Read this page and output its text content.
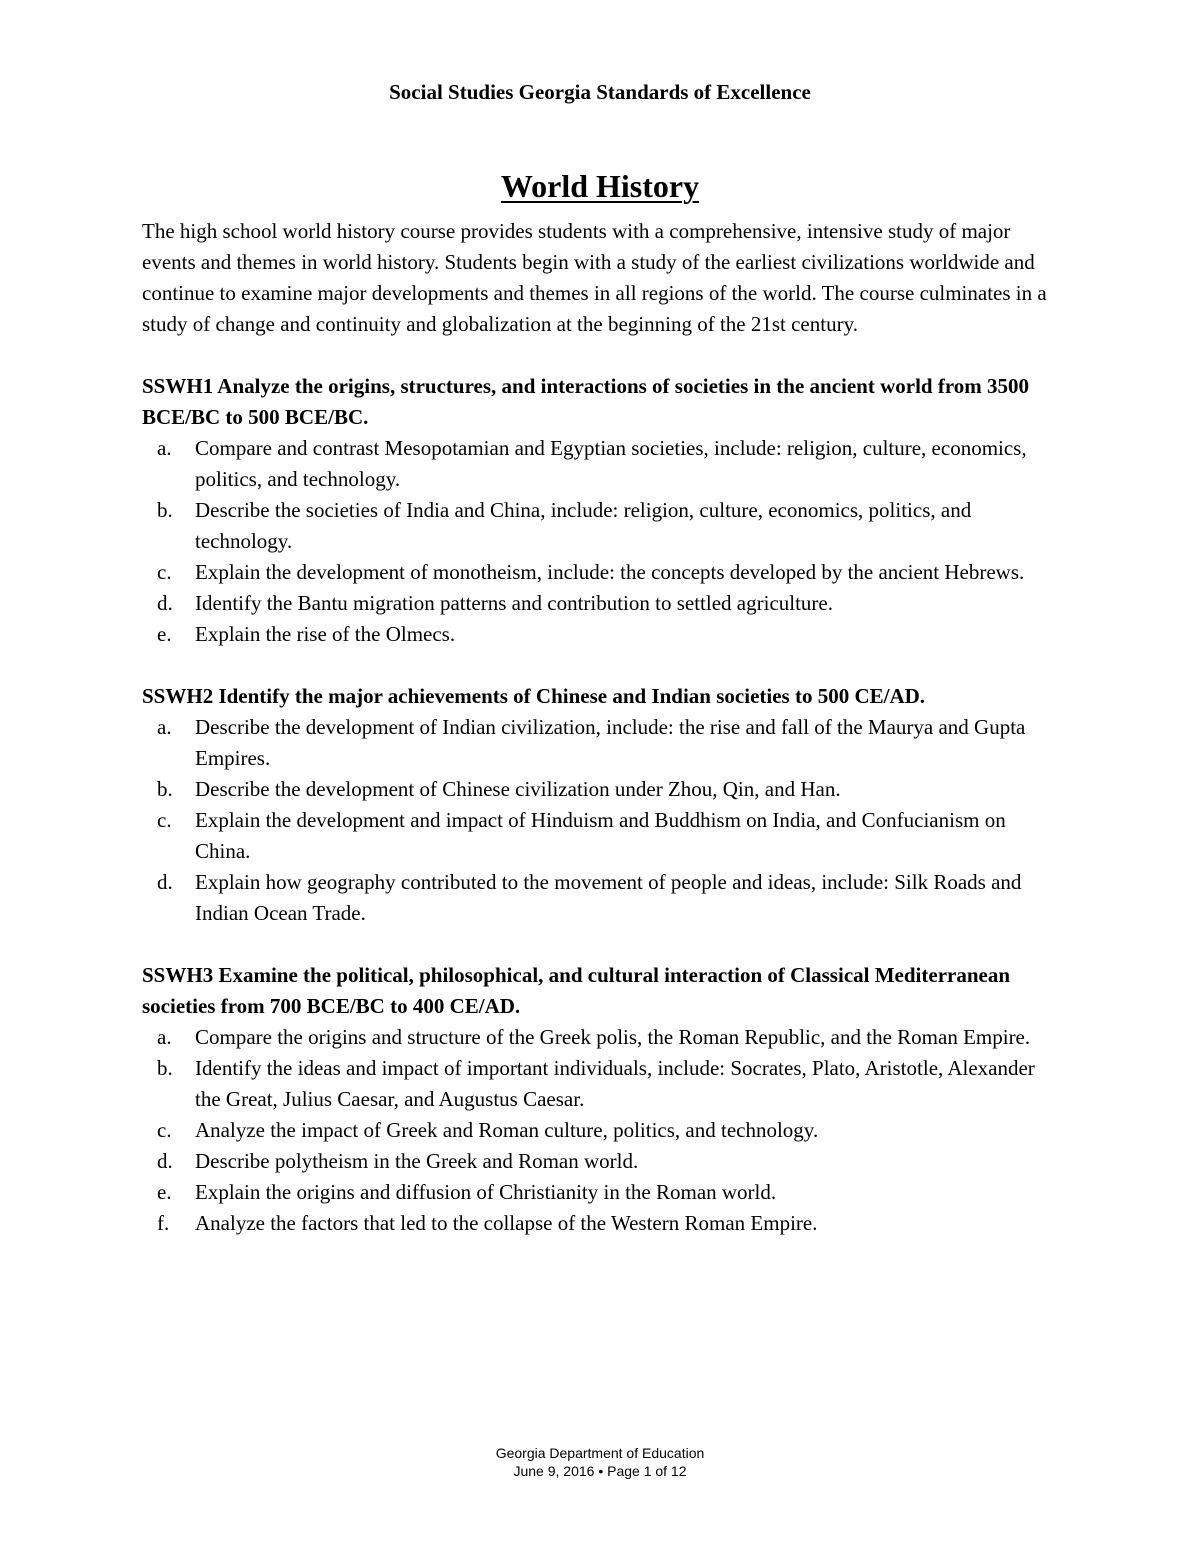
Social Studies Georgia Standards of Excellence
World History

The high school world history course provides students with a comprehensive, intensive study of major events and themes in world history. Students begin with a study of the earliest civilizations worldwide and continue to examine major developments and themes in all regions of the world. The course culminates in a study of change and continuity and globalization at the beginning of the 21st century.

SSWH1 Analyze the origins, structures, and interactions of societies in the ancient world from 3500 BCE/BC to 500 BCE/BC.

a.	Compare and contrast Mesopotamian and Egyptian societies, include: religion, culture, economics, politics, and technology.
b.	Describe the societies of India and China, include: religion, culture, economics, politics, and technology.
c.	Explain the development of monotheism, include: the concepts developed by the ancient Hebrews.
d.	Identify the Bantu migration patterns and contribution to settled agriculture.
e.	Explain the rise of the Olmecs.

SSWH2 Identify the major achievements of Chinese and Indian societies to 500 CE/AD.

a.	Describe the development of Indian civilization, include: the rise and fall of the Maurya and Gupta Empires.
b.	Describe the development of Chinese civilization under Zhou, Qin, and Han.
c.	Explain the development and impact of Hinduism and Buddhism on India, and Confucianism on China.
d.	Explain how geography contributed to the movement of people and ideas, include: Silk Roads and Indian Ocean Trade.

SSWH3 Examine the political, philosophical, and cultural interaction of Classical Mediterranean societies from 700 BCE/BC to 400 CE/AD.

a.	Compare the origins and structure of the Greek polis, the Roman Republic, and the Roman Empire.
b.	Identify the ideas and impact of important individuals, include: Socrates, Plato, Aristotle, Alexander the Great, Julius Caesar, and Augustus Caesar.
c.	Analyze the impact of Greek and Roman culture, politics, and technology.
d.	Describe polytheism in the Greek and Roman world.
e.	Explain the origins and diffusion of Christianity in the Roman world.
f.	Analyze the factors that led to the collapse of the Western Roman Empire.
Georgia Department of Education
June 9, 2016 • Page 1 of 12
